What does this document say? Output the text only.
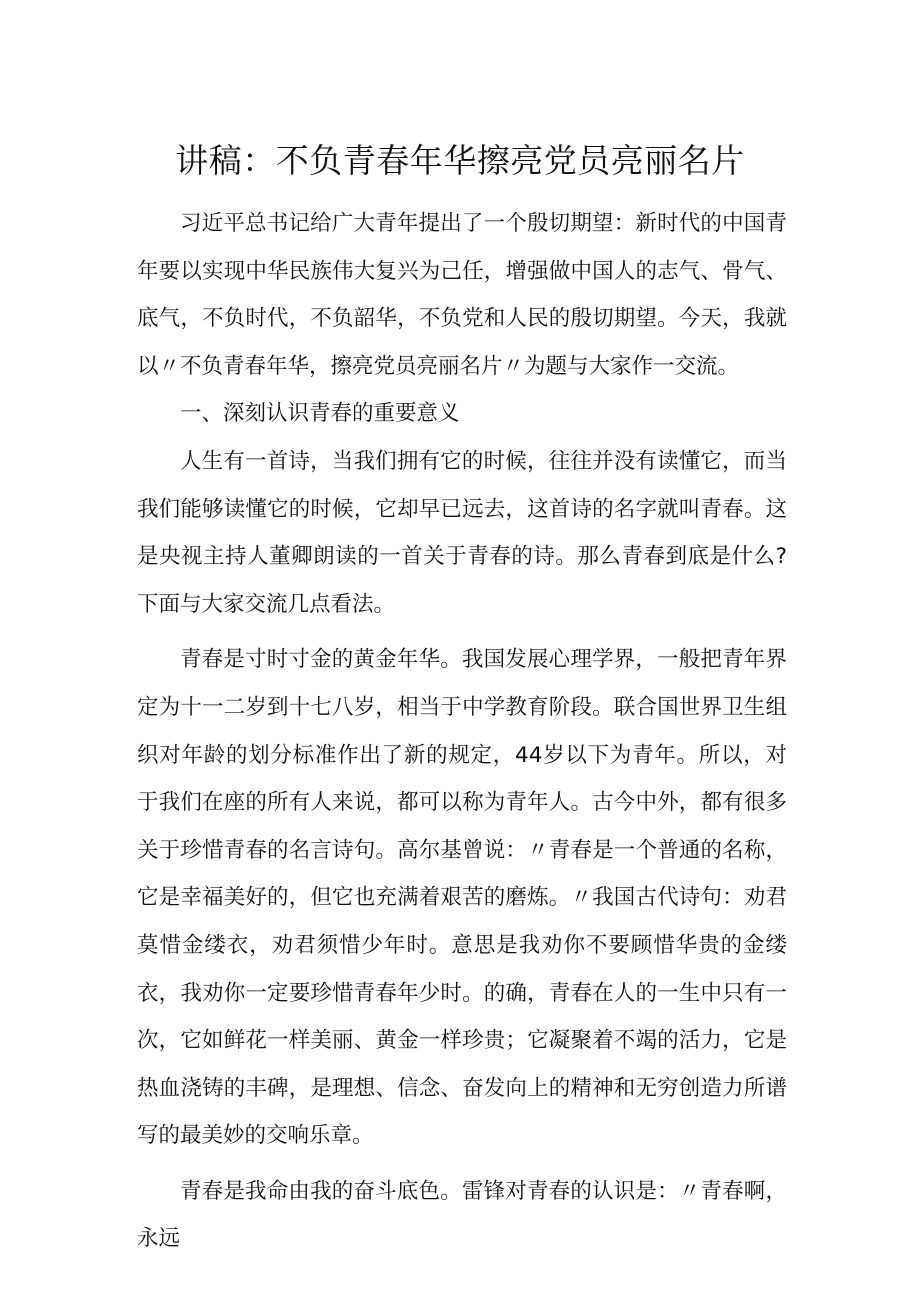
讲稿：不负青春年华擦亮党员亮丽名片

习近平总书记给广大青年提出了一个殷切期望：新时代的中国青年要以实现中华民族伟大复兴为己任，增强做中国人的志气、骨气、底气，不负时代，不负韶华，不负党和人民的殷切期望。今天，我就以〃不负青春年华，擦亮党员亮丽名片〃为题与大家作一交流。

一、深刻认识青春的重要意义

人生有一首诗，当我们拥有它的时候，往往并没有读懂它，而当我们能够读懂它的时候，它却早已远去，这首诗的名字就叫青春。这是央视主持人董卿朗读的一首关于青春的诗。那么青春到底是什么?下面与大家交流几点看法。

青春是寸时寸金的黄金年华。我国发展心理学界，一般把青年界定为十一二岁到十七八岁，相当于中学教育阶段。联合国世界卫生组织对年龄的划分标准作出了新的规定，44岁以下为青年。所以，对于我们在座的所有人来说，都可以称为青年人。古今中外，都有很多关于珍惜青春的名言诗句。高尔基曾说：〃青春是一个普通的名称，它是幸福美好的，但它也充满着艰苦的磨炼。〃我国古代诗句：劝君莫惜金缕衣，劝君须惜少年时。意思是我劝你不要顾惜华贵的金缕衣，我劝你一定要珍惜青春年少时。的确，青春在人的一生中只有一次，它如鲜花一样美丽、黄金一样珍贵；它凝聚着不竭的活力，它是热血浇铸的丰碑，是理想、信念、奋发向上的精神和无穷创造力所谱写的最美妙的交响乐章。

青春是我命由我的奋斗底色。雷锋对青春的认识是：〃青春啊，永远
